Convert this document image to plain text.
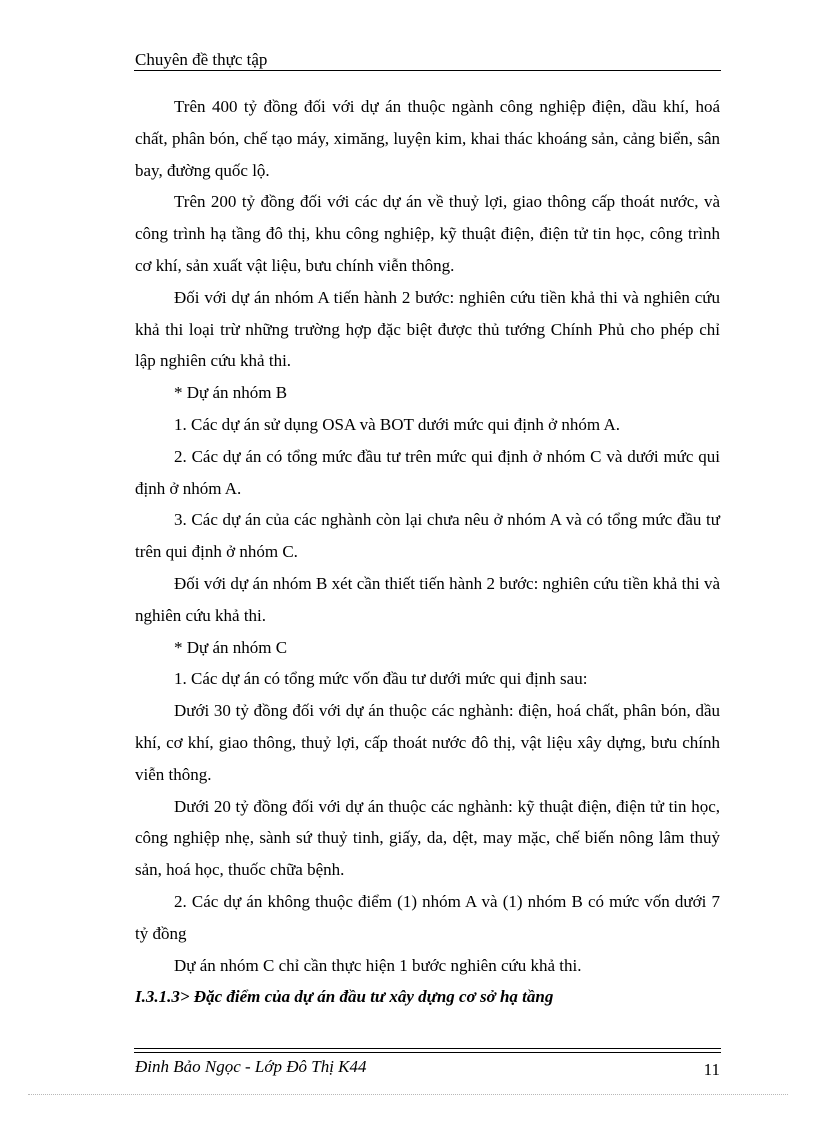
Chuyên đề thực tập

Trên 400 tỷ đồng đối với dự án thuộc ngành công nghiệp điện, dầu khí, hoá chất, phân bón, chế tạo máy, ximăng, luyện kim, khai thác khoáng sản, cảng biển, sân bay, đường quốc lộ.

Trên 200 tỷ đồng đối với các dự án về thuỷ lợi, giao thông cấp thoát nước, và công trình hạ tầng đô thị, khu công nghiệp, kỹ thuật điện, điện tử tin học, công trình cơ khí, sản xuất vật liệu, bưu chính viễn thông.

Đối với dự án nhóm A tiến hành 2 bước: nghiên cứu tiền khả thi và nghiên cứu khả thi loại trừ những trường hợp đặc biệt được thủ tướng Chính Phủ cho phép chỉ lập nghiên cứu khả thi.

* Dự án nhóm B

1. Các dự án sử dụng OSA và BOT dưới mức qui định ở nhóm A.

2. Các dự án có tổng mức đầu tư trên mức qui định ở nhóm C và dưới mức qui định ở nhóm A.

3. Các dự án của các nghành còn lại chưa nêu ở nhóm A và có tổng mức đầu tư trên qui định ở nhóm C.

Đối với dự án nhóm B xét cần thiết tiến hành 2 bước: nghiên cứu tiền khả thi và nghiên cứu khả thi.

* Dự án nhóm C

1. Các dự án có tổng mức vốn đầu tư dưới mức qui định sau:

Dưới 30 tỷ đồng đối với dự án thuộc các nghành: điện, hoá chất, phân bón, dầu khí, cơ khí, giao thông, thuỷ lợi, cấp thoát nước đô thị, vật liệu xây dựng, bưu chính viễn thông.

Dưới 20 tỷ đồng đối với dự án thuộc các nghành: kỹ thuật điện, điện tử tin học, công nghiệp nhẹ, sành sứ thuỷ tinh, giấy, da, dệt, may mặc, chế biến nông lâm thuỷ sản, hoá học, thuốc chữa bệnh.

2. Các dự án không thuộc điểm (1) nhóm A và (1) nhóm B có mức vốn dưới 7 tỷ đồng

Dự án nhóm C chỉ cần thực hiện 1 bước nghiên cứu khả thi.

I.3.1.3> Đặc điểm của dự án đầu tư xây dựng cơ sở hạ tầng

Đinh Bảo Ngọc - Lớp Đô Thị K44	11
